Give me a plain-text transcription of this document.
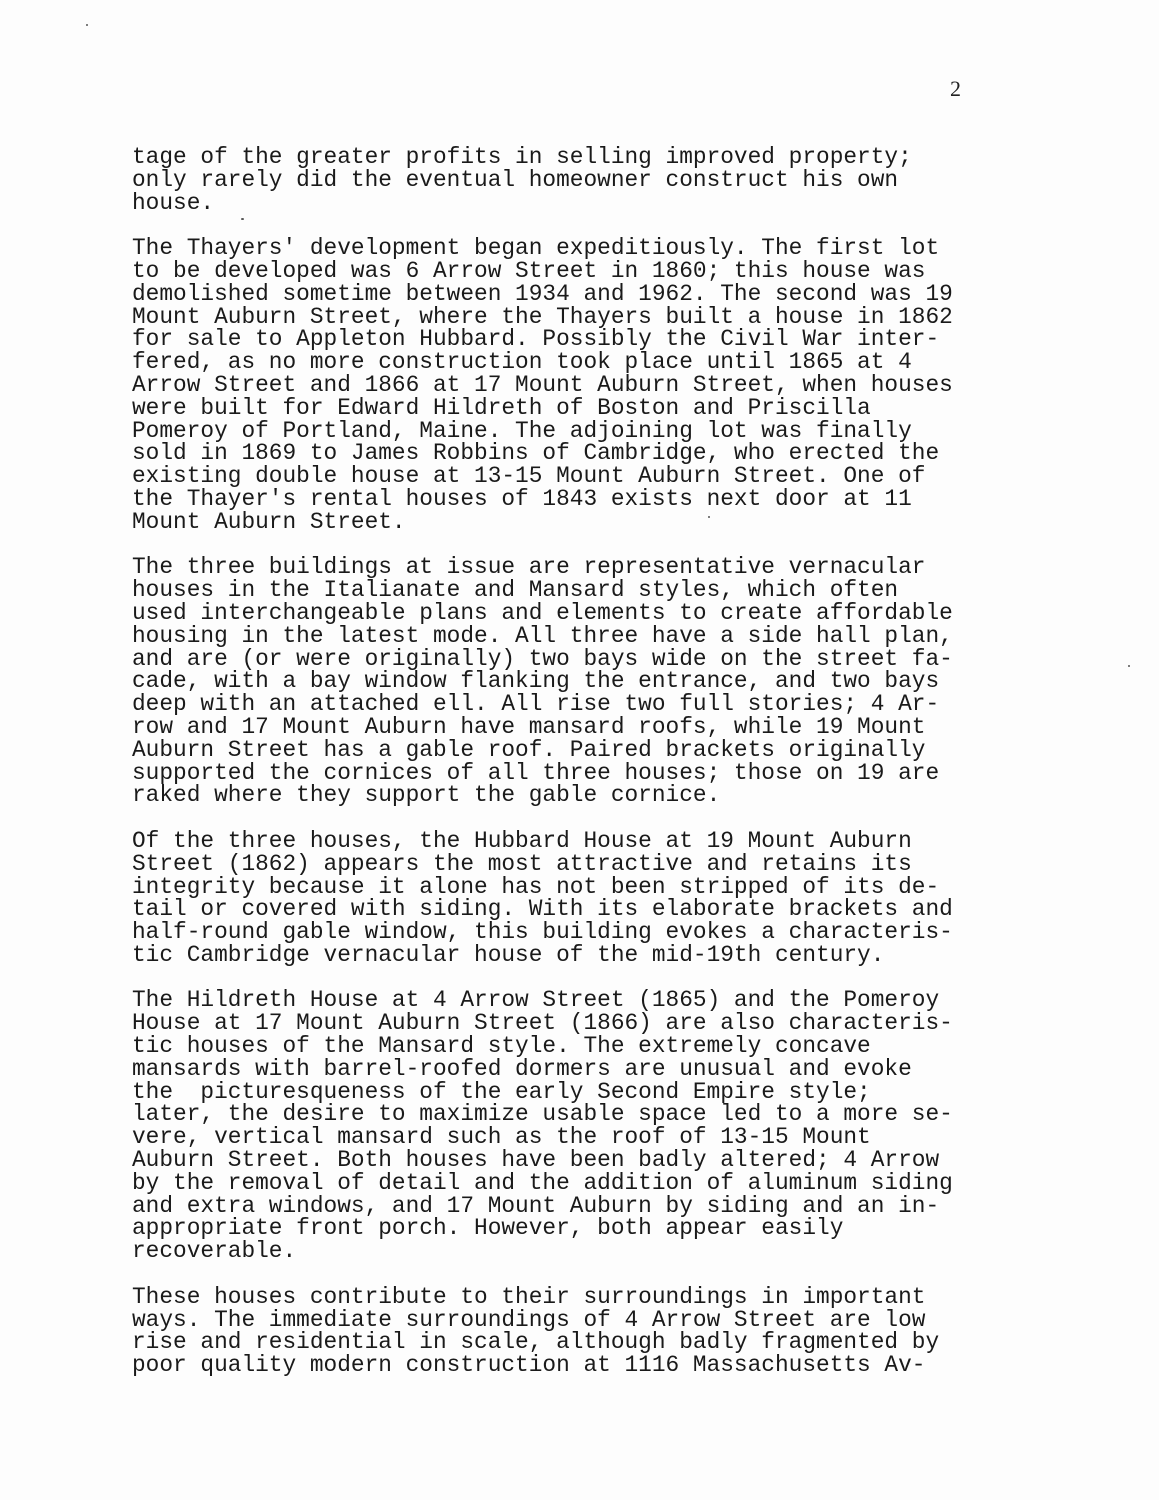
2
tage of the greater profits in selling improved property;
only rarely did the eventual homeowner construct his own
house.
The Thayers' development began expeditiously. The first lot
to be developed was 6 Arrow Street in 1860; this house was
demolished sometime between 1934 and 1962. The second was 19
Mount Auburn Street, where the Thayers built a house in 1862
for sale to Appleton Hubbard. Possibly the Civil War inter-
fered, as no more construction took place until 1865 at 4
Arrow Street and 1866 at 17 Mount Auburn Street, when houses
were built for Edward Hildreth of Boston and Priscilla
Pomeroy of Portland, Maine. The adjoining lot was finally
sold in 1869 to James Robbins of Cambridge, who erected the
existing double house at 13-15 Mount Auburn Street. One of
the Thayer's rental houses of 1843 exists next door at 11
Mount Auburn Street.
The three buildings at issue are representative vernacular
houses in the Italianate and Mansard styles, which often
used interchangeable plans and elements to create affordable
housing in the latest mode. All three have a side hall plan,
and are (or were originally) two bays wide on the street fa-
cade, with a bay window flanking the entrance, and two bays
deep with an attached ell. All rise two full stories; 4 Ar-
row and 17 Mount Auburn have mansard roofs, while 19 Mount
Auburn Street has a gable roof. Paired brackets originally
supported the cornices of all three houses; those on 19 are
raked where they support the gable cornice.
Of the three houses, the Hubbard House at 19 Mount Auburn
Street (1862) appears the most attractive and retains its
integrity because it alone has not been stripped of its de-
tail or covered with siding. With its elaborate brackets and
half-round gable window, this building evokes a characteris-
tic Cambridge vernacular house of the mid-19th century.
The Hildreth House at 4 Arrow Street (1865) and the Pomeroy
House at 17 Mount Auburn Street (1866) are also characteris-
tic houses of the Mansard style. The extremely concave
mansards with barrel-roofed dormers are unusual and evoke
the  picturesqueness of the early Second Empire style;
later, the desire to maximize usable space led to a more se-
vere, vertical mansard such as the roof of 13-15 Mount
Auburn Street. Both houses have been badly altered; 4 Arrow
by the removal of detail and the addition of aluminum siding
and extra windows, and 17 Mount Auburn by siding and an in-
appropriate front porch. However, both appear easily
recoverable.
These houses contribute to their surroundings in important
ways. The immediate surroundings of 4 Arrow Street are low
rise and residential in scale, although badly fragmented by
poor quality modern construction at 1116 Massachusetts Av-
